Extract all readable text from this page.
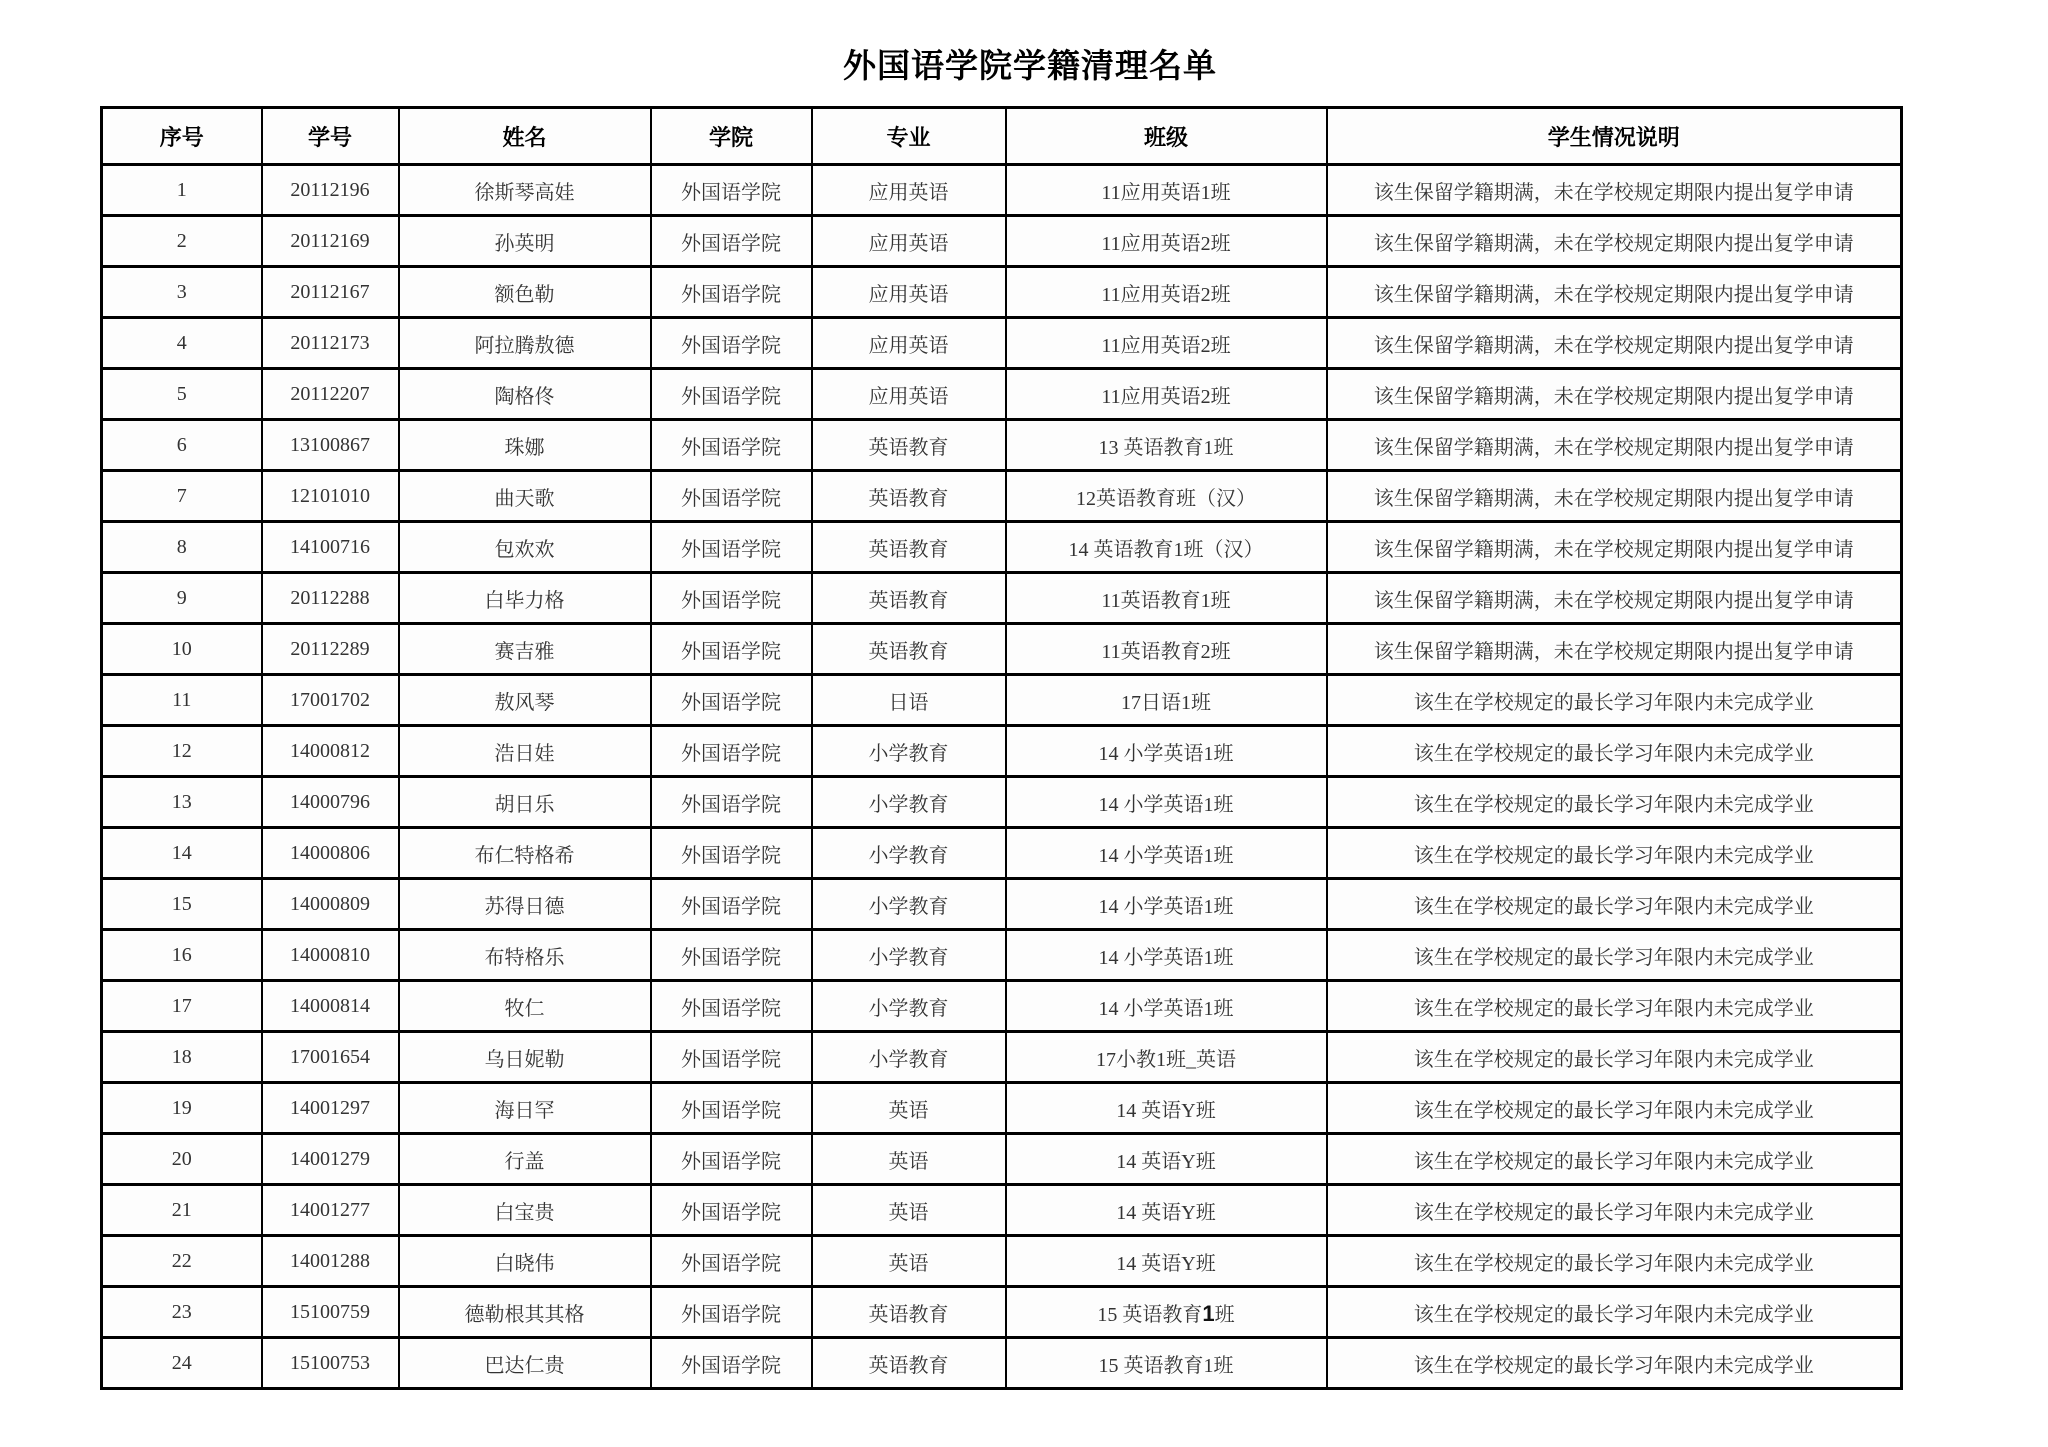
外国语学院学籍清理名单
序号	学号	姓名	学院	专业	班级	学生情况说明
1	20112196	徐斯琴高娃	外国语学院	应用英语	11应用英语1班	该生保留学籍期满，未在学校规定期限内提出复学申请
2	20112169	孙英明	外国语学院	应用英语	11应用英语2班	该生保留学籍期满，未在学校规定期限内提出复学申请
3	20112167	额色勒	外国语学院	应用英语	11应用英语2班	该生保留学籍期满，未在学校规定期限内提出复学申请
4	20112173	阿拉腾敖德	外国语学院	应用英语	11应用英语2班	该生保留学籍期满，未在学校规定期限内提出复学申请
5	20112207	陶格佟	外国语学院	应用英语	11应用英语2班	该生保留学籍期满，未在学校规定期限内提出复学申请
6	13100867	珠娜	外国语学院	英语教育	13 英语教育1班	该生保留学籍期满，未在学校规定期限内提出复学申请
7	12101010	曲天歌	外国语学院	英语教育	12英语教育班（汉）	该生保留学籍期满，未在学校规定期限内提出复学申请
8	14100716	包欢欢	外国语学院	英语教育	14 英语教育1班（汉）	该生保留学籍期满，未在学校规定期限内提出复学申请
9	20112288	白毕力格	外国语学院	英语教育	11英语教育1班	该生保留学籍期满，未在学校规定期限内提出复学申请
10	20112289	赛吉雅	外国语学院	英语教育	11英语教育2班	该生保留学籍期满，未在学校规定期限内提出复学申请
11	17001702	敖风琴	外国语学院	日语	17日语1班	该生在学校规定的最长学习年限内未完成学业
12	14000812	浩日娃	外国语学院	小学教育	14 小学英语1班	该生在学校规定的最长学习年限内未完成学业
13	14000796	胡日乐	外国语学院	小学教育	14 小学英语1班	该生在学校规定的最长学习年限内未完成学业
14	14000806	布仁特格希	外国语学院	小学教育	14 小学英语1班	该生在学校规定的最长学习年限内未完成学业
15	14000809	苏得日德	外国语学院	小学教育	14 小学英语1班	该生在学校规定的最长学习年限内未完成学业
16	14000810	布特格乐	外国语学院	小学教育	14 小学英语1班	该生在学校规定的最长学习年限内未完成学业
17	14000814	牧仁	外国语学院	小学教育	14 小学英语1班	该生在学校规定的最长学习年限内未完成学业
18	17001654	乌日妮勒	外国语学院	小学教育	17小教1班_英语	该生在学校规定的最长学习年限内未完成学业
19	14001297	海日罕	外国语学院	英语	14 英语Y班	该生在学校规定的最长学习年限内未完成学业
20	14001279	行盖	外国语学院	英语	14 英语Y班	该生在学校规定的最长学习年限内未完成学业
21	14001277	白宝贵	外国语学院	英语	14 英语Y班	该生在学校规定的最长学习年限内未完成学业
22	14001288	白晓伟	外国语学院	英语	14 英语Y班	该生在学校规定的最长学习年限内未完成学业
23	15100759	德勒根其其格	外国语学院	英语教育	15 英语教育1班	该生在学校规定的最长学习年限内未完成学业
24	15100753	巴达仁贵	外国语学院	英语教育	15 英语教育1班	该生在学校规定的最长学习年限内未完成学业
